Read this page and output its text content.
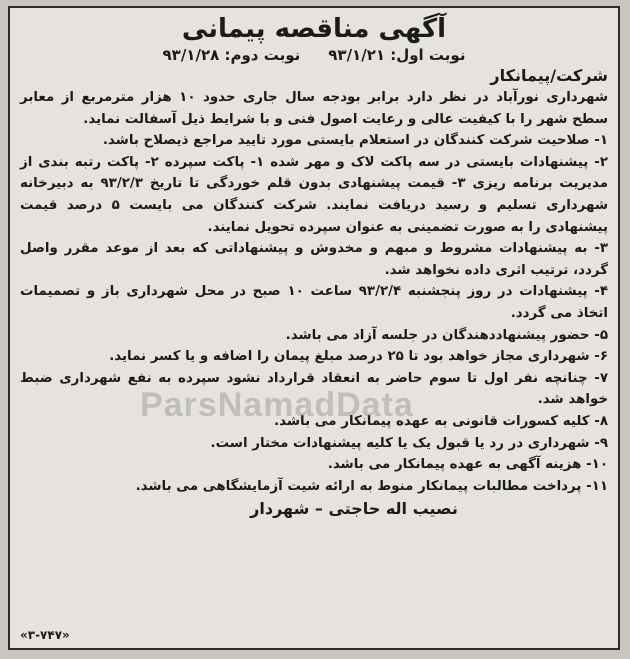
آگهی مناقصه پیمانی
نوبت اول: ۹۳/۱/۲۱
نوبت دوم: ۹۳/۱/۲۸
شرکت/پیمانکار

شهرداری نورآباد در نظر دارد برابر بودجه سال جاری حدود ۱۰ هزار مترمربع از معابر سطح شهر را با کیفیت عالی و رعایت اصول فنی و با شرایط ذیل آسفالت نماید.

۱- صلاحیت شرکت کنندگان در استعلام بایستی مورد تایید مراجع ذیصلاح باشد.

۲- پیشنهادات بایستی در سه پاکت لاک و مهر شده ۱- پاکت سپرده ۲- پاکت رتبه بندی از مدیریت برنامه ریزی ۳- قیمت پیشنهادی بدون قلم خوردگی تا تاریخ ۹۳/۲/۳ به دبیرخانه شهرداری تسلیم و رسید دریافت نمایند. شرکت کنندگان می بایست ۵ درصد قیمت پیشنهادی را به صورت تضمینی به عنوان سپرده تحویل نمایند.

۳- به پیشنهادات مشروط و مبهم و مخدوش و پیشنهاداتی که بعد از موعد مقرر واصل گردد، ترتیب اثری داده نخواهد شد.

۴- پیشنهادات در روز پنجشنبه ۹۳/۲/۴ ساعت ۱۰ صبح در محل شهرداری باز و تصمیمات اتخاذ می گردد.

۵- حضور پیشنهاددهندگان در جلسه آزاد می باشد.

۶- شهرداری مجاز خواهد بود تا ۲۵ درصد مبلغ پیمان را اضافه و یا کسر نماید.

۷- چنانچه نفر اول تا سوم حاضر به انعقاد قرارداد نشود سپرده به نفع شهرداری ضبط خواهد شد.

۸- کلیه کسورات قانونی به عهده پیمانکار می باشد.

۹- شهرداری در رد یا قبول یک یا کلیه پیشنهادات مختار است.

۱۰- هزینه آگهی به عهده پیمانکار می باشد.

۱۱- پرداخت مطالبات پیمانکار منوط به ارائه شیت آزمایشگاهی می باشد.

نصیب اله حاجتی – شهردار
«۳-۷۴۷»
ParsNamadData
